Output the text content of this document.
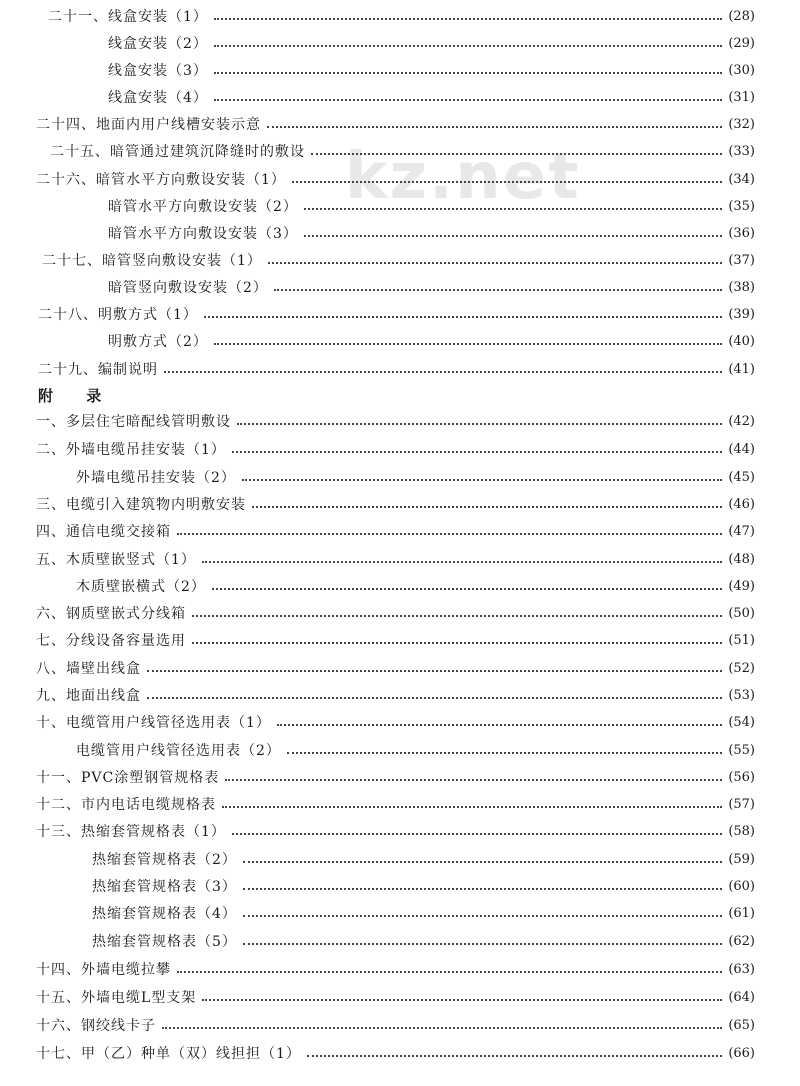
kz.net
二十一、线盒安装（1）	(28)
线盒安装（2）	(29)
线盒安装（3）	(30)
线盒安装（4）	(31)
二十四、地面内用户线槽安装示意	(32)
二十五、暗管通过建筑沉降缝时的敷设	(33)
二十六、暗管水平方向敷设安装（1）	(34)
暗管水平方向敷设安装（2）	(35)
暗管水平方向敷设安装（3）	(36)
二十七、暗管竖向敷设安装（1）	(37)
暗管竖向敷设安装（2）	(38)
二十八、明敷方式（1）	(39)
明敷方式（2）	(40)
二十九、编制说明	(41)
附 录
一、多层住宅暗配线管明敷设	(42)
二、外墙电缆吊挂安装（1）	(44)
外墙电缆吊挂安装（2）	(45)
三、电缆引入建筑物内明敷安装	(46)
四、通信电缆交接箱	(47)
五、木质壁嵌竖式（1）	(48)
木质壁嵌横式（2）	(49)
六、钢质壁嵌式分线箱	(50)
七、分线设备容量选用	(51)
八、墙壁出线盒	(52)
九、地面出线盒	(53)
十、电缆管用户线管径选用表（1）	(54)
电缆管用户线管径选用表（2）	(55)
十一、PVC涂塑钢管规格表	(56)
十二、市内电话电缆规格表	(57)
十三、热缩套管规格表（1）	(58)
热缩套管规格表（2）	(59)
热缩套管规格表（3）	(60)
热缩套管规格表（4）	(61)
热缩套管规格表（5）	(62)
十四、外墙电缆拉攀	(63)
十五、外墙电缆L型支架	(64)
十六、钢绞线卡子	(65)
十七、甲（乙）种单（双）线担担（1）	(66)
